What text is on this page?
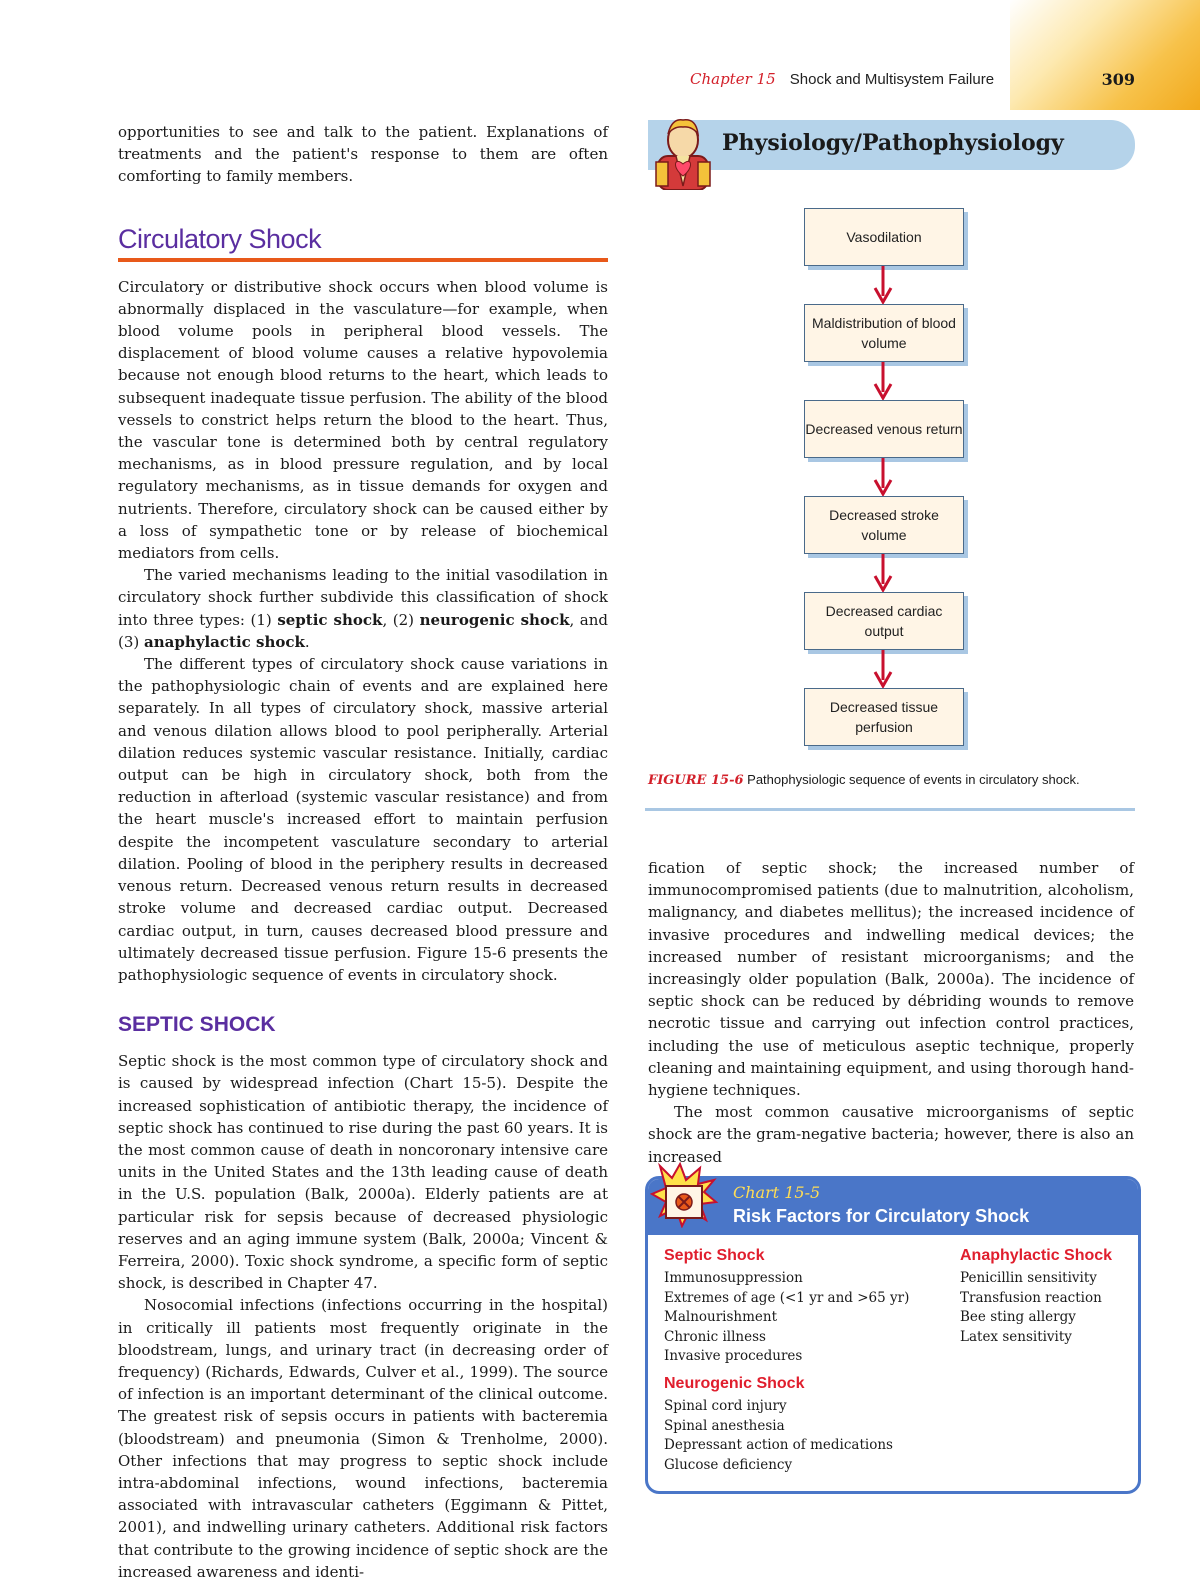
Chapter 15 Shock and Multisystem Failure	309

opportunities to see and talk to the patient. Explanations of treatments and the patient's response to them are often comforting to family members.

Circulatory Shock

Circulatory or distributive shock occurs when blood volume is abnormally displaced in the vasculature—for example, when blood volume pools in peripheral blood vessels. The displacement of blood volume causes a relative hypovolemia because not enough blood returns to the heart, which leads to subsequent inadequate tissue perfusion. The ability of the blood vessels to constrict helps return the blood to the heart. Thus, the vascular tone is determined both by central regulatory mechanisms, as in blood pressure regulation, and by local regulatory mechanisms, as in tissue demands for oxygen and nutrients. Therefore, circulatory shock can be caused either by a loss of sympathetic tone or by release of biochemical mediators from cells.

The varied mechanisms leading to the initial vasodilation in circulatory shock further subdivide this classification of shock into three types: (1) septic shock, (2) neurogenic shock, and (3) anaphylactic shock.

The different types of circulatory shock cause variations in the pathophysiologic chain of events and are explained here separately. In all types of circulatory shock, massive arterial and venous dilation allows blood to pool peripherally. Arterial dilation reduces systemic vascular resistance. Initially, cardiac output can be high in circulatory shock, both from the reduction in afterload (systemic vascular resistance) and from the heart muscle's increased effort to maintain perfusion despite the incompetent vasculature secondary to arterial dilation. Pooling of blood in the periphery results in decreased venous return. Decreased venous return results in decreased stroke volume and decreased cardiac output. Decreased cardiac output, in turn, causes decreased blood pressure and ultimately decreased tissue perfusion. Figure 15-6 presents the pathophysiologic sequence of events in circulatory shock.

SEPTIC SHOCK

Septic shock is the most common type of circulatory shock and is caused by widespread infection (Chart 15-5). Despite the increased sophistication of antibiotic therapy, the incidence of septic shock has continued to rise during the past 60 years. It is the most common cause of death in noncoronary intensive care units in the United States and the 13th leading cause of death in the U.S. population (Balk, 2000a). Elderly patients are at particular risk for sepsis because of decreased physiologic reserves and an aging immune system (Balk, 2000a; Vincent & Ferreira, 2000). Toxic shock syndrome, a specific form of septic shock, is described in Chapter 47.

Nosocomial infections (infections occurring in the hospital) in critically ill patients most frequently originate in the bloodstream, lungs, and urinary tract (in decreasing order of frequency) (Richards, Edwards, Culver et al., 1999). The source of infection is an important determinant of the clinical outcome. The greatest risk of sepsis occurs in patients with bacteremia (bloodstream) and pneumonia (Simon & Trenholme, 2000). Other infections that may progress to septic shock include intra-abdominal infections, wound infections, bacteremia associated with intravascular catheters (Eggimann & Pittet, 2001), and indwelling urinary catheters. Additional risk factors that contribute to the growing incidence of septic shock are the increased awareness and identi-

Physiology/Pathophysiology
Vasodilation
Maldistribution of blood volume
Decreased venous return
Decreased stroke volume
Decreased cardiac output
Decreased tissue perfusion
FIGURE 15-6 Pathophysiologic sequence of events in circulatory shock.

fication of septic shock; the increased number of immunocompromised patients (due to malnutrition, alcoholism, malignancy, and diabetes mellitus); the increased incidence of invasive procedures and indwelling medical devices; the increased number of resistant microorganisms; and the increasingly older population (Balk, 2000a). The incidence of septic shock can be reduced by débriding wounds to remove necrotic tissue and carrying out infection control practices, including the use of meticulous aseptic technique, properly cleaning and maintaining equipment, and using thorough hand-hygiene techniques.

The most common causative microorganisms of septic shock are the gram-negative bacteria; however, there is also an increased

Chart 15-5
Risk Factors for Circulatory Shock
Septic Shock
Immunosuppression
Extremes of age (<1 yr and >65 yr)
Malnourishment
Chronic illness
Invasive procedures
Neurogenic Shock
Spinal cord injury
Spinal anesthesia
Depressant action of medications
Glucose deficiency
Anaphylactic Shock
Penicillin sensitivity
Transfusion reaction
Bee sting allergy
Latex sensitivity
